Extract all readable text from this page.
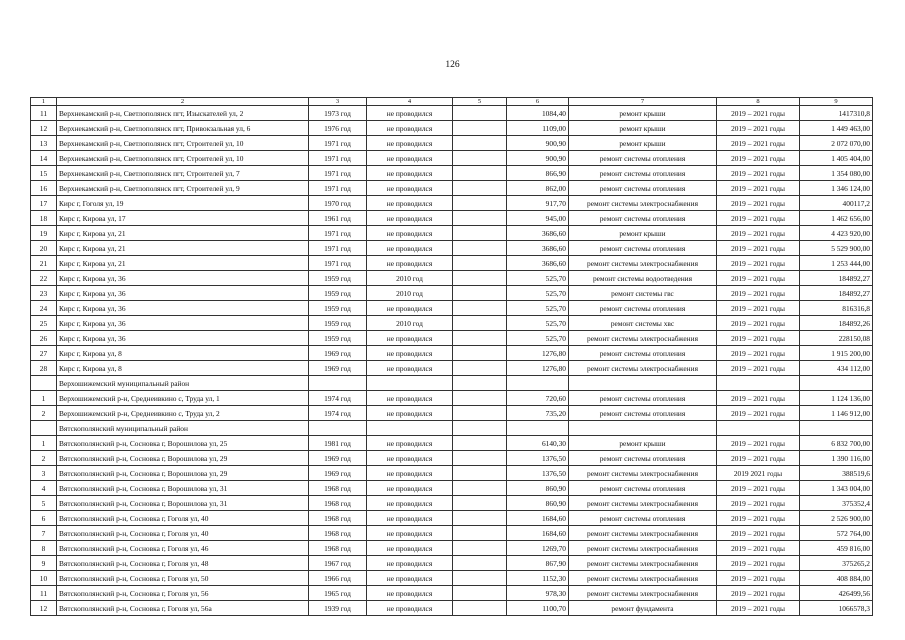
126
1	2	3	4	5	6	7	8	9
11	Верхнекамский р-н, Светлополянск пгт, Изыскателей ул, 2	1973 год	не проводился		1084,40	ремонт крыши	2019 – 2021 годы	1417310,8
12	Верхнекамский р-н, Светлополянск пгт, Привокзальная ул, 6	1976 год	не проводился		1109,00	ремонт крыши	2019 – 2021 годы	1 449 463,00
13	Верхнекамский р-н, Светлополянск пгт, Строителей ул, 10	1971 год	не проводился		900,90	ремонт крыши	2019 – 2021 годы	2 072 070,00
14	Верхнекамский р-н, Светлополянск пгт, Строителей ул, 10	1971 год	не проводился		900,90	ремонт системы отопления	2019 – 2021 годы	1 405 404,00
15	Верхнекамский р-н, Светлополянск пгт, Строителей ул, 7	1971 год	не проводился		866,90	ремонт системы отопления	2019 – 2021 годы	1 354 080,00
16	Верхнекамский р-н, Светлополянск пгт, Строителей ул, 9	1971 год	не проводился		862,00	ремонт системы отопления	2019 – 2021 годы	1 346 124,00
17	Кирс г, Гоголя ул, 19	1970 год	не проводился		917,70	ремонт системы электроснабжения	2019 – 2021 годы	400117,2
18	Кирс г, Кирова ул, 17	1961 год	не проводился		945,00	ремонт системы отопления	2019 – 2021 годы	1 462 656,00
19	Кирс г, Кирова ул, 21	1971 год	не проводился		3686,60	ремонт крыши	2019 – 2021 годы	4 423 920,00
20	Кирс г, Кирова ул, 21	1971 год	не проводился		3686,60	ремонт системы отопления	2019 – 2021 годы	5 529 900,00
21	Кирс г, Кирова ул, 21	1971 год	не проводился		3686,60	ремонт системы электроснабжения	2019 – 2021 годы	1 253 444,00
22	Кирс г, Кирова ул, 36	1959 год	2010 год		525,70	ремонт системы водоотведения	2019 – 2021 годы	184892,27
23	Кирс г, Кирова ул, 36	1959 год	2010 год		525,70	ремонт системы гвс	2019 – 2021 годы	184892,27
24	Кирс г, Кирова ул, 36	1959 год	не проводился		525,70	ремонт системы отопления	2019 – 2021 годы	816316,8
25	Кирс г, Кирова ул, 36	1959 год	2010 год		525,70	ремонт системы хвс	2019 – 2021 годы	184892,26
26	Кирс г, Кирова ул, 36	1959 год	не проводился		525,70	ремонт системы электроснабжения	2019 – 2021 годы	228150,08
27	Кирс г, Кирова ул, 8	1969 год	не проводился		1276,80	ремонт системы отопления	2019 – 2021 годы	1 915 200,00
28	Кирс г, Кирова ул, 8	1969 год	не проводился		1276,80	ремонт системы электроснабжения	2019 – 2021 годы	434 112,00
	Верхошижемский муниципальный район							
1	Верхошижемский р-н, Среднеивкино с, Труда ул, 1	1974 год	не проводился		720,60	ремонт системы отопления	2019 – 2021 годы	1 124 136,00
2	Верхошижемский р-н, Среднеивкино с, Труда ул, 2	1974 год	не проводился		735,20	ремонт системы отопления	2019 – 2021 годы	1 146 912,00
	Вятскополянский муниципальный район							
1	Вятскополянский р-н, Сосновка г, Ворошилова ул, 25	1981 год	не проводился		6140,30	ремонт крыши	2019 – 2021 годы	6 832 700,00
2	Вятскополянский р-н, Сосновка г, Ворошилова ул, 29	1969 год	не проводился		1376,50	ремонт системы отопления	2019 – 2021 годы	1 390 116,00
3	Вятскополянский р-н, Сосновка г, Ворошилова ул, 29	1969 год	не проводился		1376,50	ремонт системы электроснабжения	2019 2021 годы	388519,6
4	Вятскополянский р-н, Сосновка г, Ворошилова ул, 31	1968 год	не проводился		860,90	ремонт системы отопления	2019 – 2021 годы	1 343 004,00
5	Вятскополянский р-н, Сосновка г, Ворошилова ул, 31	1968 год	не проводился		860,90	ремонт системы электроснабжения	2019 – 2021 годы	375352,4
6	Вятскополянский р-н, Сосновка г, Гоголя ул, 40	1968 год	не проводился		1684,60	ремонт системы отопления	2019 – 2021 годы	2 526 900,00
7	Вятскополянский р-н, Сосновка г, Гоголя ул, 40	1968 год	не проводился		1684,60	ремонт системы электроснабжения	2019 – 2021 годы	572 764,00
8	Вятскополянский р-н, Сосновка г, Гоголя ул, 46	1968 год	не проводился		1269,70	ремонт системы электроснабжения	2019 – 2021 годы	459 816,00
9	Вятскополянский р-н, Сосновка г, Гоголя ул, 48	1967 год	не проводился		867,90	ремонт системы электроснабжения	2019 – 2021 годы	375265,2
10	Вятскополянский р-н, Сосновка г, Гоголя ул, 50	1966 год	не проводился		1152,30	ремонт системы электроснабжения	2019 – 2021 годы	408 884,00
11	Вятскополянский р-н, Сосновка г, Гоголя ул, 56	1965 год	не проводился		978,30	ремонт системы электроснабжения	2019 – 2021 годы	426499,56
12	Вятскополянский р-н, Сосновка г, Гоголя ул, 56а	1939 год	не проводился		1100,70	ремонт фундамента	2019 – 2021 годы	1066578,3
